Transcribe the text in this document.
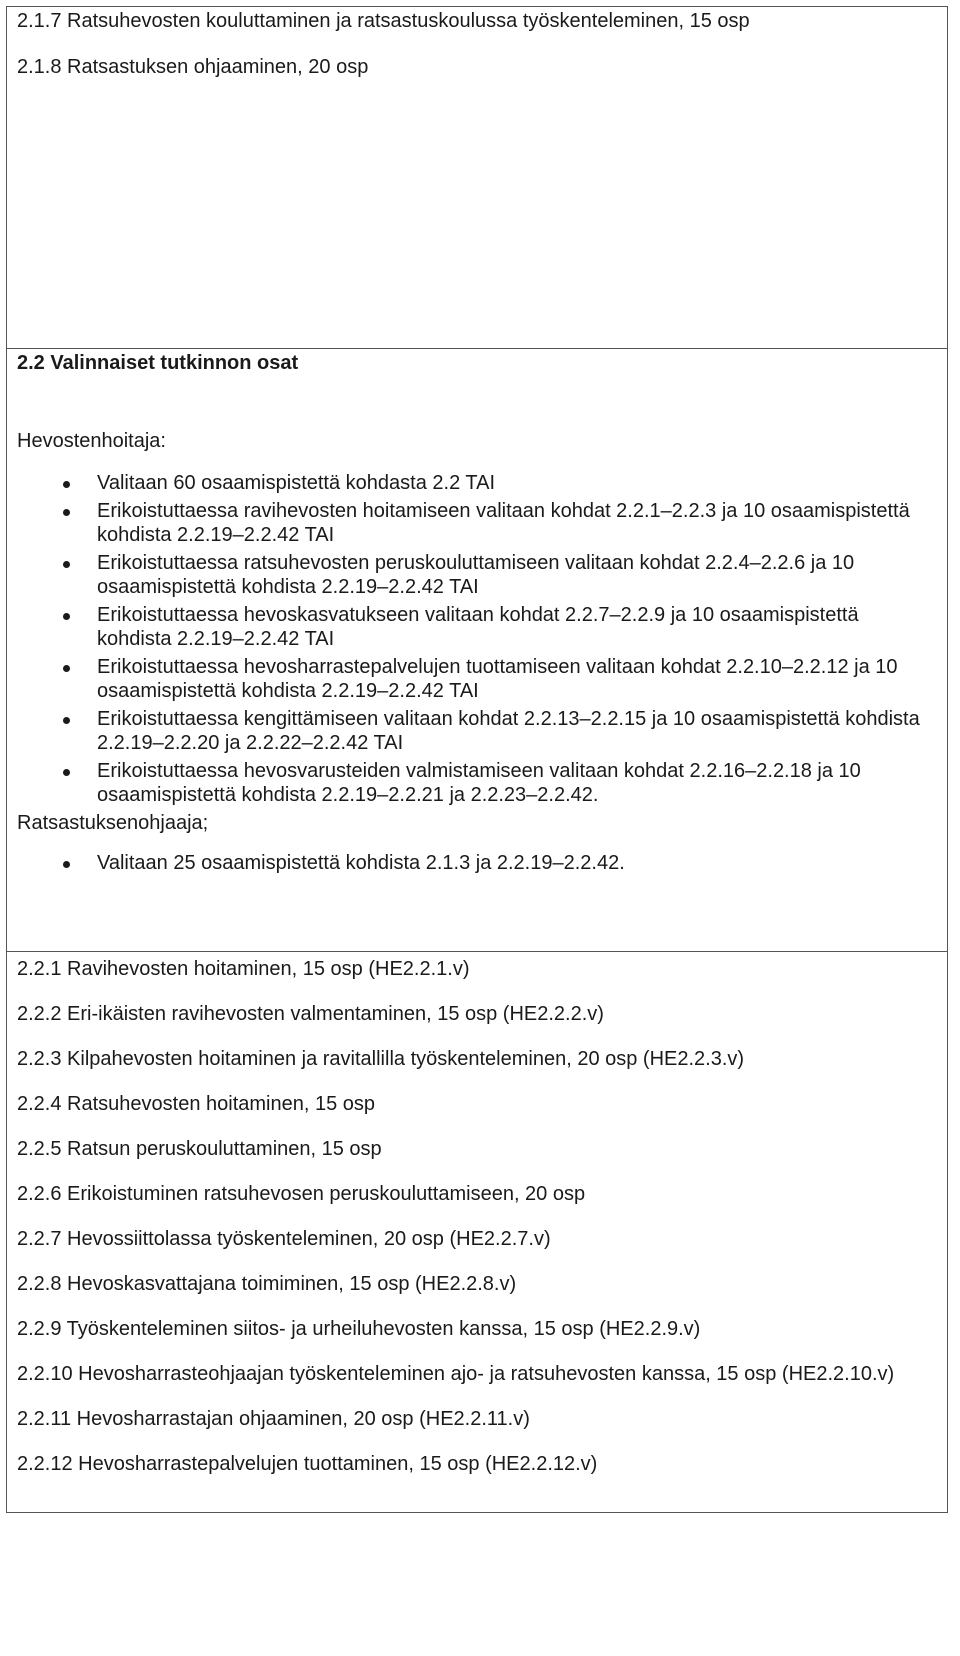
2.1.7 Ratsuhevosten kouluttaminen ja ratsastuskoulussa työskenteleminen, 15 osp

2.1.8 Ratsastuksen ohjaaminen, 20 osp

2.2 Valinnaiset tutkinnon osat

Hevostenhoitaja:

Valitaan 60 osaamispistettä kohdasta 2.2 TAI
Erikoistuttaessa ravihevosten hoitamiseen valitaan kohdat 2.2.1–2.2.3 ja 10 osaamispistettä kohdista 2.2.19–2.2.42 TAI
Erikoistuttaessa ratsuhevosten peruskouluttamiseen valitaan kohdat 2.2.4–2.2.6 ja 10 osaamispistettä kohdista 2.2.19–2.2.42 TAI
Erikoistuttaessa hevoskasvatukseen valitaan kohdat 2.2.7–2.2.9 ja 10 osaamispistettä kohdista 2.2.19–2.2.42 TAI
Erikoistuttaessa hevosharrastepalvelujen tuottamiseen valitaan kohdat 2.2.10–2.2.12 ja 10 osaamispistettä kohdista 2.2.19–2.2.42 TAI
Erikoistuttaessa kengittämiseen valitaan kohdat 2.2.13–2.2.15 ja 10 osaamispistettä kohdista 2.2.19–2.2.20 ja 2.2.22–2.2.42 TAI
Erikoistuttaessa hevosvarusteiden valmistamiseen valitaan kohdat 2.2.16–2.2.18 ja 10 osaamispistettä kohdista 2.2.19–2.2.21 ja 2.2.23–2.2.42.

Ratsastuksenohjaaja;

Valitaan 25 osaamispistettä kohdista 2.1.3 ja 2.2.19–2.2.42.

2.2.1 Ravihevosten hoitaminen, 15 osp (HE2.2.1.v)

2.2.2 Eri-ikäisten ravihevosten valmentaminen, 15 osp (HE2.2.2.v)

2.2.3 Kilpahevosten hoitaminen ja ravitallilla työskenteleminen, 20 osp (HE2.2.3.v)

2.2.4 Ratsuhevosten hoitaminen, 15 osp

2.2.5 Ratsun peruskouluttaminen, 15 osp

2.2.6 Erikoistuminen ratsuhevosen peruskouluttamiseen, 20 osp

2.2.7 Hevossiittolassa työskenteleminen, 20 osp (HE2.2.7.v)

2.2.8 Hevoskasvattajana toimiminen, 15 osp (HE2.2.8.v)

2.2.9 Työskenteleminen siitos- ja urheiluhevosten kanssa, 15 osp (HE2.2.9.v)

2.2.10 Hevosharrasteohjaajan työskenteleminen ajo- ja ratsuhevosten kanssa, 15 osp (HE2.2.10.v)

2.2.11 Hevosharrastajan ohjaaminen, 20 osp (HE2.2.11.v)

2.2.12 Hevosharrastepalvelujen tuottaminen, 15 osp (HE2.2.12.v)
